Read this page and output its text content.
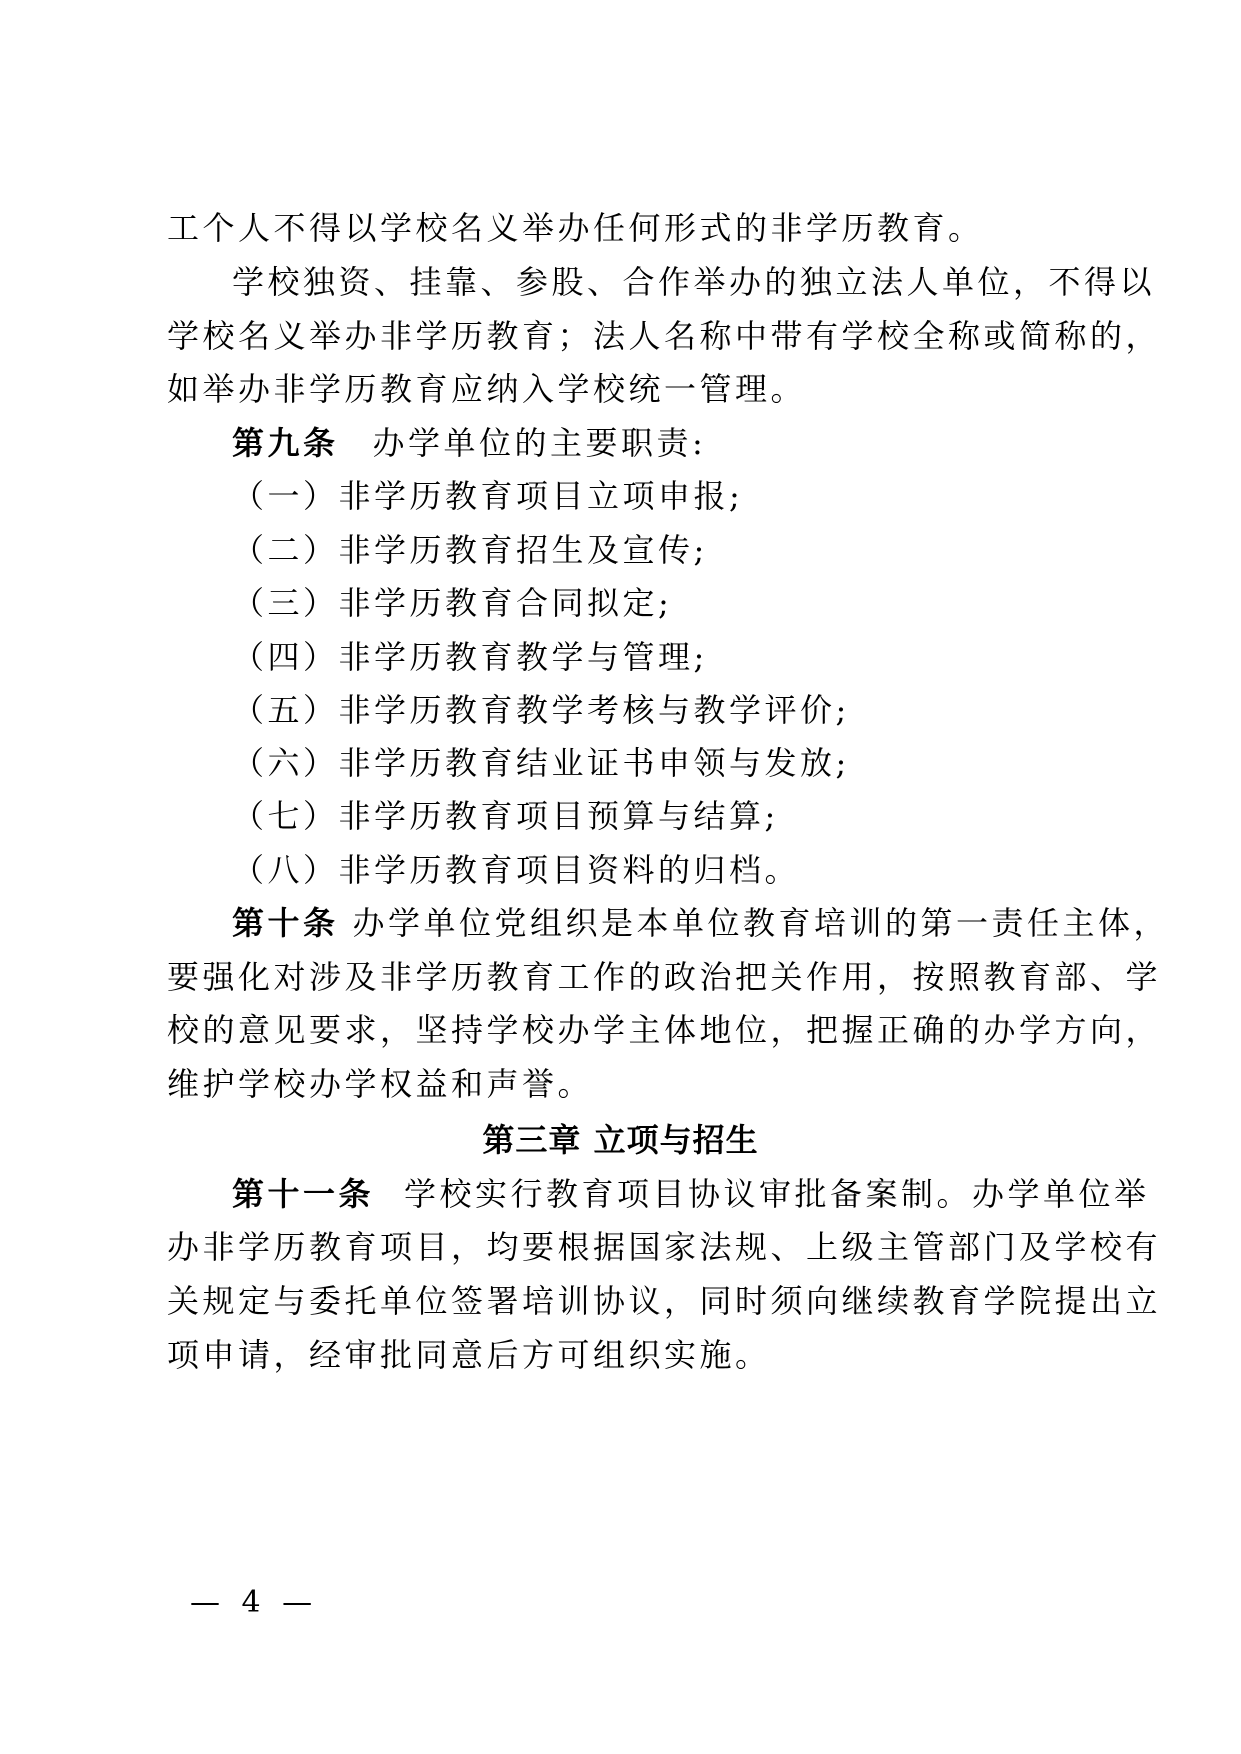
工个人不得以学校名义举办任何形式的非学历教育。
学校独资、挂靠、参股、合作举办的独立法人单位，不得以
学校名义举办非学历教育；法人名称中带有学校全称或简称的，
如举办非学历教育应纳入学校统一管理。
第九条 办学单位的主要职责:
（一）非学历教育项目立项申报;
（二）非学历教育招生及宣传;
（三）非学历教育合同拟定;
（四）非学历教育教学与管理;
（五）非学历教育教学考核与教学评价;
（六）非学历教育结业证书申领与发放;
（七）非学历教育项目预算与结算;
（八）非学历教育项目资料的归档。
第十条 办学单位党组织是本单位教育培训的第一责任主体，
要强化对涉及非学历教育工作的政治把关作用，按照教育部、学
校的意见要求，坚持学校办学主体地位，把握正确的办学方向，
维护学校办学权益和声誉。
第三章 立项与招生
第十一条 学校实行教育项目协议审批备案制。办学单位举
办非学历教育项目，均要根据国家法规、上级主管部门及学校有
关规定与委托单位签署培训协议，同时须向继续教育学院提出立
项申请，经审批同意后方可组织实施。
— 4 —
